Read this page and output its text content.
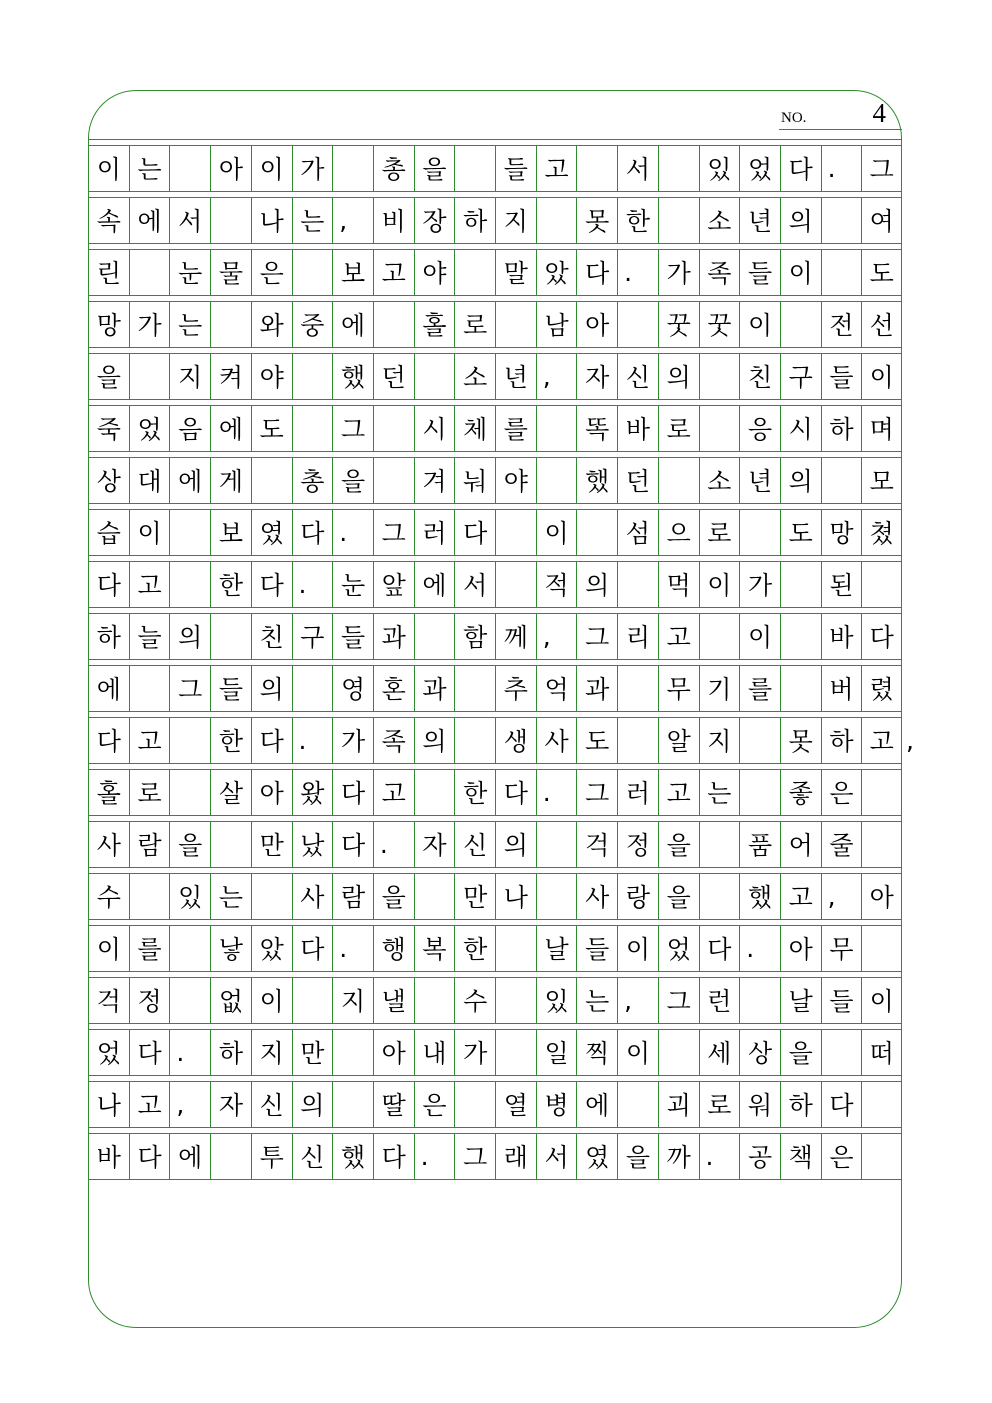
NO. 4
이 는	아 이 가	총 을	들 고	서	있 었 다 .	그
속 에 서	나 는 ,	비 장 하 지	못 한	소 년 의	여
린	눈 물 은	보 고 야	말 았 다 .	가 족 들 이	도
망 가 는	와 중 에	홀 로	남 아	꿋 꿋 이	전 선
을	지 켜 야	했 던	소 년 ,	자 신 의	친 구 들 이
죽 었 음 에 도	그	시 체 를	똑 바 로	응 시 하 며
상 대 에 게	총 을	겨 눠 야	했 던	소 년 의	모
습 이	보 였 다 .	그 러 다	이	섬 으 로	도 망 쳤
다 고	한 다 .	눈 앞 에 서	적 의	먹 이 가	된
하 늘 의	친 구 들 과	함 께 ,	그 리 고	이	바 다
에	그 들 의	영 혼 과	추 억 과	무 기 를	버 렸
다 고	한 다 .	가 족 의	생 사 도	알 지	못 하 고 ,
홀 로	살 아 왔 다 고	한 다 .	그 러 고 는	좋 은
사 람 을	만 났 다 .	자 신 의	걱 정 을	품 어 줄
수	있 는	사 람 을	만 나	사 랑 을	했 고 ,	아
이 를	낳 았 다 .	행 복 한	날 들 이 었 다 .	아 무
걱 정	없 이	지 낼	수	있 는 ,	그 런	날 들 이
었 다 .	하 지 만	아 내 가	일 찍 이	세 상 을	떠
나 고 ,	자 신 의	딸 은	열 병 에	괴 로 워 하 다
바 다 에	투 신 했 다 .	그 래 서 였 을 까 .	공 책 은
